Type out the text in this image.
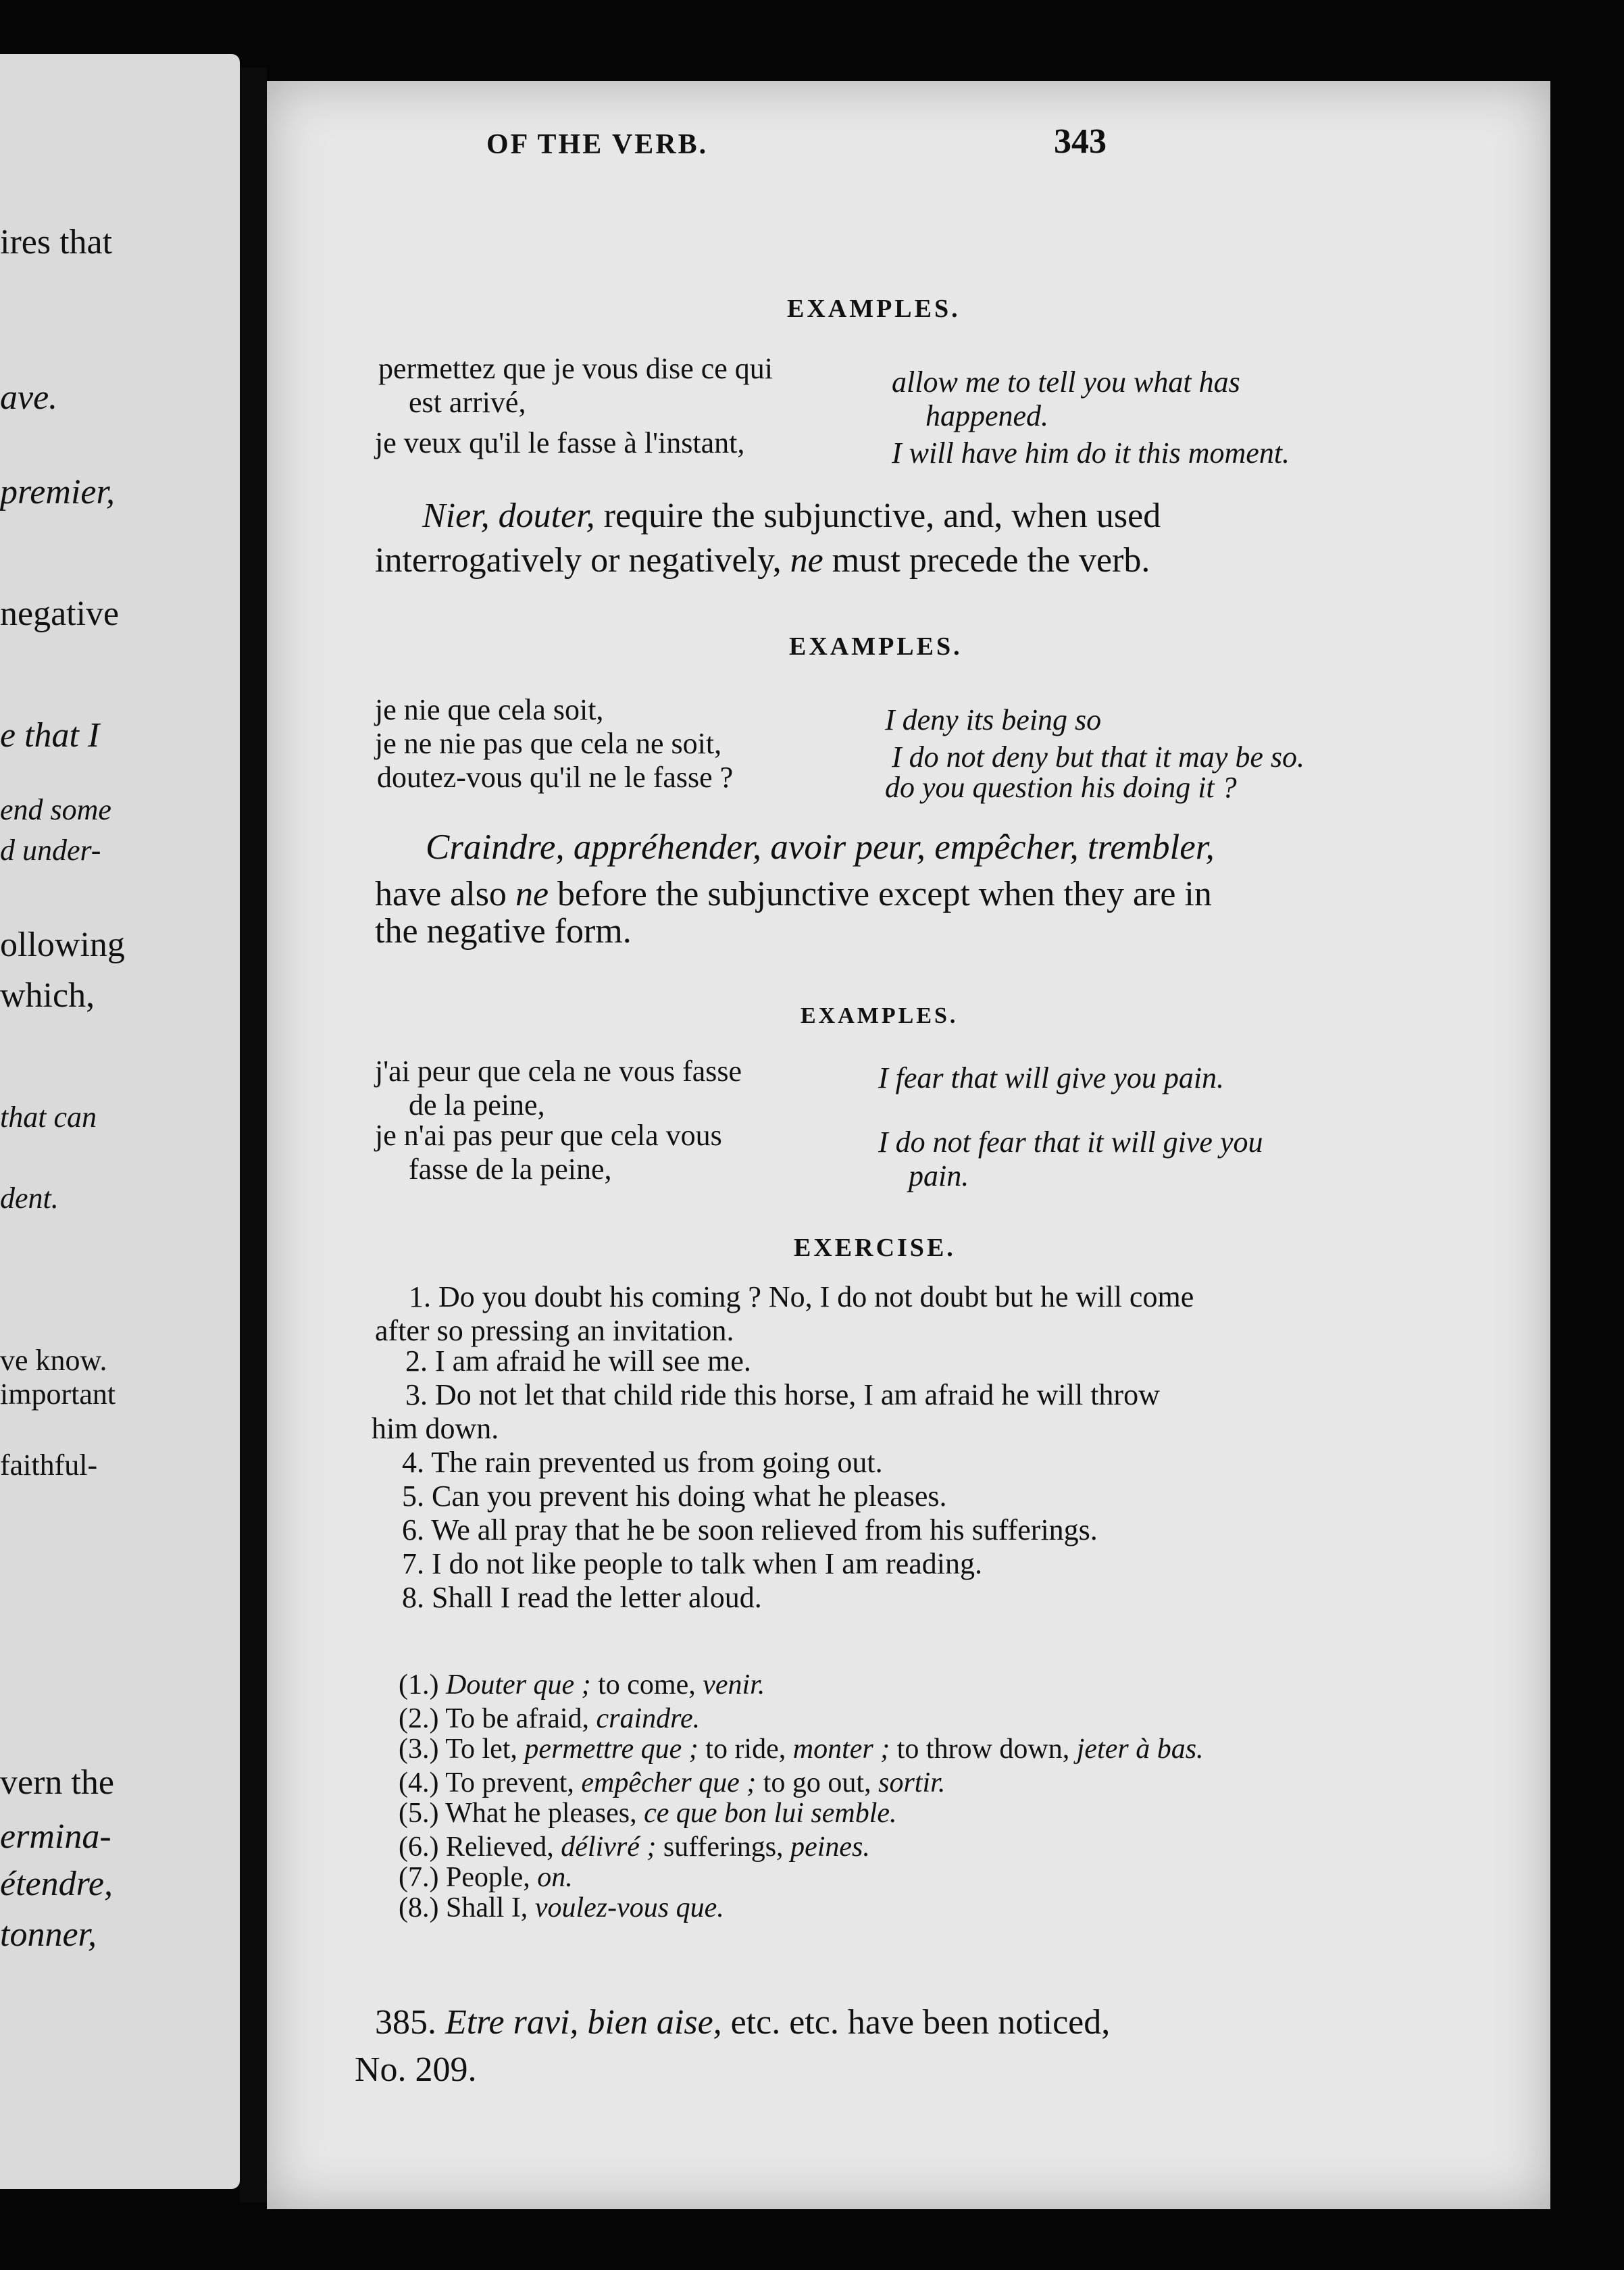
ires that
ave.
premier,
negative
e that I
end some
d under-
ollowing
which,
that can
dent.
ve know.
important
faithful-
vern the
ermina-
étendre,
tonner,
OF THE VERB.	343
EXAMPLES.
permettez que je vous dise ce qui	allow me to tell you what has
est arrivé,	happened.
je veux qu'il le fasse à l'instant,	I will have him do it this moment.
Nier, douter, require the subjunctive, and, when used
interrogatively or negatively, ne must precede the verb.
EXAMPLES.
je nie que cela soit,	I deny its being so
je ne nie pas que cela ne soit,	I do not deny but that it may be so.
doutez-vous qu'il ne le fasse ?	do you question his doing it ?
Craindre, appréhender, avoir peur, empêcher, trembler,
have also ne before the subjunctive except when they are in
the negative form.
EXAMPLES.
j'ai peur que cela ne vous fasse	I fear that will give you pain.
de la peine,
je n'ai pas peur que cela vous	I do not fear that it will give you
fasse de la peine,	pain.
EXERCISE.
1. Do you doubt his coming ? No, I do not doubt but he will come
after so pressing an invitation.
2. I am afraid he will see me.
3. Do not let that child ride this horse, I am afraid he will throw
him down.
4. The rain prevented us from going out.
5. Can you prevent his doing what he pleases.
6. We all pray that he be soon relieved from his sufferings.
7. I do not like people to talk when I am reading.
8. Shall I read the letter aloud.
(1.) Douter que ; to come, venir.
(2.) To be afraid, craindre.
(3.) To let, permettre que ; to ride, monter ; to throw down, jeter à bas.
(4.) To prevent, empêcher que ; to go out, sortir.
(5.) What he pleases, ce que bon lui semble.
(6.) Relieved, délivré ; sufferings, peines.
(7.) People, on.
(8.) Shall I, voulez-vous que.
385. Etre ravi, bien aise, etc. etc. have been noticed,
No. 209.
